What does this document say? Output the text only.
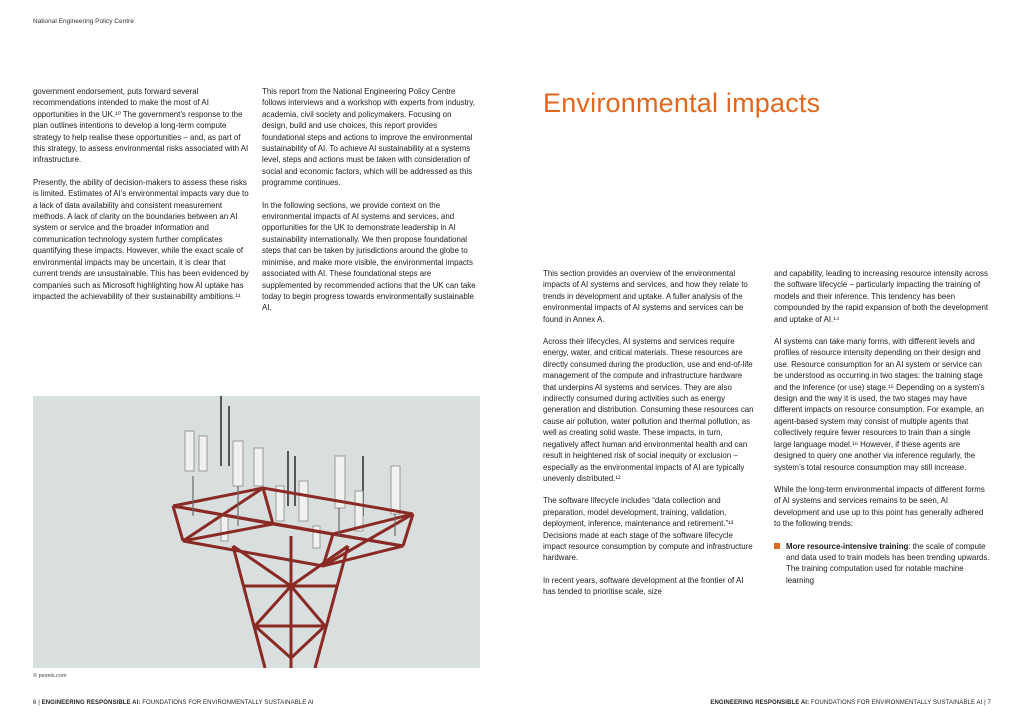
National Engineering Policy Centre

government endorsement, puts forward several recommendations intended to make the most of AI opportunities in the UK.¹⁰ The government’s response to the plan outlines intentions to develop a long-term compute strategy to help realise these opportunities – and, as part of this strategy, to assess environmental risks associated with AI infrastructure.

Presently, the ability of decision-makers to assess these risks is limited. Estimates of AI’s environmental impacts vary due to a lack of data availability and consistent measurement methods. A lack of clarity on the boundaries between an AI system or service and the broader information and communication technology system further complicates quantifying these impacts. However, while the exact scale of environmental impacts may be uncertain, it is clear that current trends are unsustainable. This has been evidenced by companies such as Microsoft highlighting how AI uptake has impacted the achievability of their sustainability ambitions.¹¹

This report from the National Engineering Policy Centre follows interviews and a workshop with experts from industry, academia, civil society and policymakers. Focusing on design, build and use choices, this report provides foundational steps and actions to improve the environmental sustainability of AI. To achieve AI sustainability at a systems level, steps and actions must be taken with consideration of social and economic factors, which will be addressed as this programme continues.

In the following sections, we provide context on the environmental impacts of AI systems and services, and opportunities for the UK to demonstrate leadership in AI sustainability internationally. We then propose foundational steps that can be taken by jurisdictions around the globe to minimise, and make more visible, the environmental impacts associated with AI. These foundational steps are supplemented by recommended actions that the UK can take today to begin progress towards environmentally sustainable AI.

© pexels.com
Environmental impacts

This section provides an overview of the environmental impacts of AI systems and services, and how they relate to trends in development and uptake. A fuller analysis of the environmental impacts of AI systems and services can be found in Annex A.

Across their lifecycles, AI systems and services require energy, water, and critical materials. These resources are directly consumed during the production, use and end-of-life management of the compute and infrastructure hardware that underpins AI systems and services. They are also indirectly consumed during activities such as energy generation and distribution. Consuming these resources can cause air pollution, water pollution and thermal pollution, as well as creating solid waste. These impacts, in turn, negatively affect human and environmental health and can result in heightened risk of social inequity or exclusion – especially as the environmental impacts of AI are typically unevenly distributed.¹²

The software lifecycle includes “data collection and preparation, model development, training, validation, deployment, inference, maintenance and retirement.”¹³ Decisions made at each stage of the software lifecycle impact resource consumption by compute and infrastructure hardware.

In recent years, software development at the frontier of AI has tended to prioritise scale, size

and capability, leading to increasing resource intensity across the software lifecycle – particularly impacting the training of models and their inference. This tendency has been compounded by the rapid expansion of both the development and uptake of AI.¹⁴

AI systems can take many forms, with different levels and profiles of resource intensity depending on their design and use. Resource consumption for an AI system or service can be understood as occurring in two stages: the training stage and the inference (or use) stage.¹⁵ Depending on a system’s design and the way it is used, the two stages may have different impacts on resource consumption. For example, an agent-based system may consist of multiple agents that collectively require fewer resources to train than a single large language model.¹⁶ However, if these agents are designed to query one another via inference regularly, the system’s total resource consumption may still increase.

While the long-term environmental impacts of different forms of AI systems and services remains to be seen, AI development and use up to this point has generally adhered to the following trends:

More resource-intensive training: the scale of compute and data used to train models has been trending upwards. The training computation used for notable machine learning

6 | ENGINEERING RESPONSIBLE AI: FOUNDATIONS FOR ENVIRONMENTALLY SUSTAINABLE AI	ENGINEERING RESPONSIBLE AI: FOUNDATIONS FOR ENVIRONMENTALLY SUSTAINABLE AI | 7
